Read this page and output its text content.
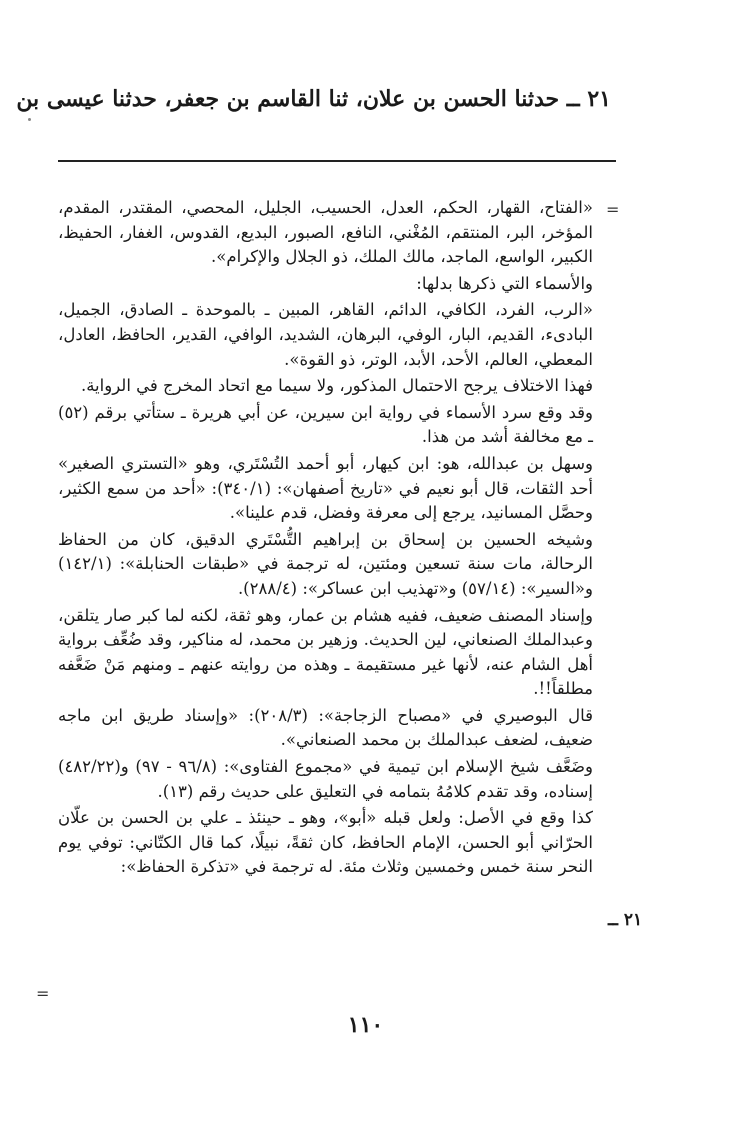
٢١ ــ حدثنا الحسن بن علان، ثنا القاسم بن جعفر، حدثنا عيسى بن
=

«الفتاح، القهار، الحكم، العدل، الحسيب، الجليل، المحصي، المقتدر، المقدم، المؤخر، البر، المنتقم، المُغْني، النافع، الصبور، البديع، القدوس، الغفار، الحفيظ، الكبير، الواسع، الماجد، مالك الملك، ذو الجلال والإكرام».

والأسماء التي ذكرها بدلها:

«الرب، الفرد، الكافي، الدائم، القاهر، المبين ـ بالموحدة ـ الصادق، الجميل، البادىء، القديم، البار، الوفي، البرهان، الشديد، الوافي، القدير، الحافظ، العادل، المعطي، العالم، الأحد، الأبد، الوتر، ذو القوة».

فهذا الاختلاف يرجح الاحتمال المذكور، ولا سيما مع اتحاد المخرج في الرواية.

وقد وقع سرد الأسماء في رواية ابن سيرين، عن أبي هريرة ـ ستأتي برقم (٥٢) ـ مع مخالفة أشد من هذا.

وسهل بن عبدالله، هو: ابن كيهار، أبو أحمد التُسْتَري، وهو «التستري الصغير» أحد الثقات، قال أبو نعيم في «تاريخ أصفهان»: (٣٤٠/١): «أحد من سمع الكثير، وحصَّل المسانيد، يرجع إلى معرفة وفضل، قدم علينا».

وشيخه الحسين بن إسحاق بن إبراهيم التُّسْتَري الدقيق، كان من الحفاظ الرحالة، مات سنة تسعين ومئتين، له ترجمة في «طبقات الحنابلة»: (١٤٢/١) و«السير»: (٥٧/١٤) و«تهذيب ابن عساكر»: (٢٨٨/٤).

وإسناد المصنف ضعيف، ففيه هشام بن عمار، وهو ثقة، لكنه لما كبر صار يتلقن، وعبدالملك الصنعاني، لين الحديث. وزهير بن محمد، له مناكير، وقد ضُعِّف برواية أهل الشام عنه، لأنها غير مستقيمة ـ وهذه من روايته عنهم ـ ومنهم مَنْ ضَعَّفه مطلقاً!!.

قال البوصيري في «مصباح الزجاجة»: (٢٠٨/٣): «وإسناد طريق ابن ماجه ضعيف، لضعف عبدالملك بن محمد الصنعاني».

وضَعَّف شيخ الإسلام ابن تيمية في «مجموع الفتاوى»: (٩٦/٨ - ٩٧) و(٤٨٢/٢٢) إسناده، وقد تقدم كلامُهُ بتمامه في التعليق على حديث رقم (١٣).

كذا وقع في الأصل: ولعل قبله «أبو»، وهو ـ حينئذ ـ علي بن الحسن بن علّان الحرّاني أبو الحسن، الإمام الحافظ، كان ثقةً، نبيلًا، كما قال الكتّاني: توفي يوم النحر سنة خمس وخمسين وثلاث مئة. له ترجمة في «تذكرة الحفاظ»:

٢١ ــ
=
١١٠
